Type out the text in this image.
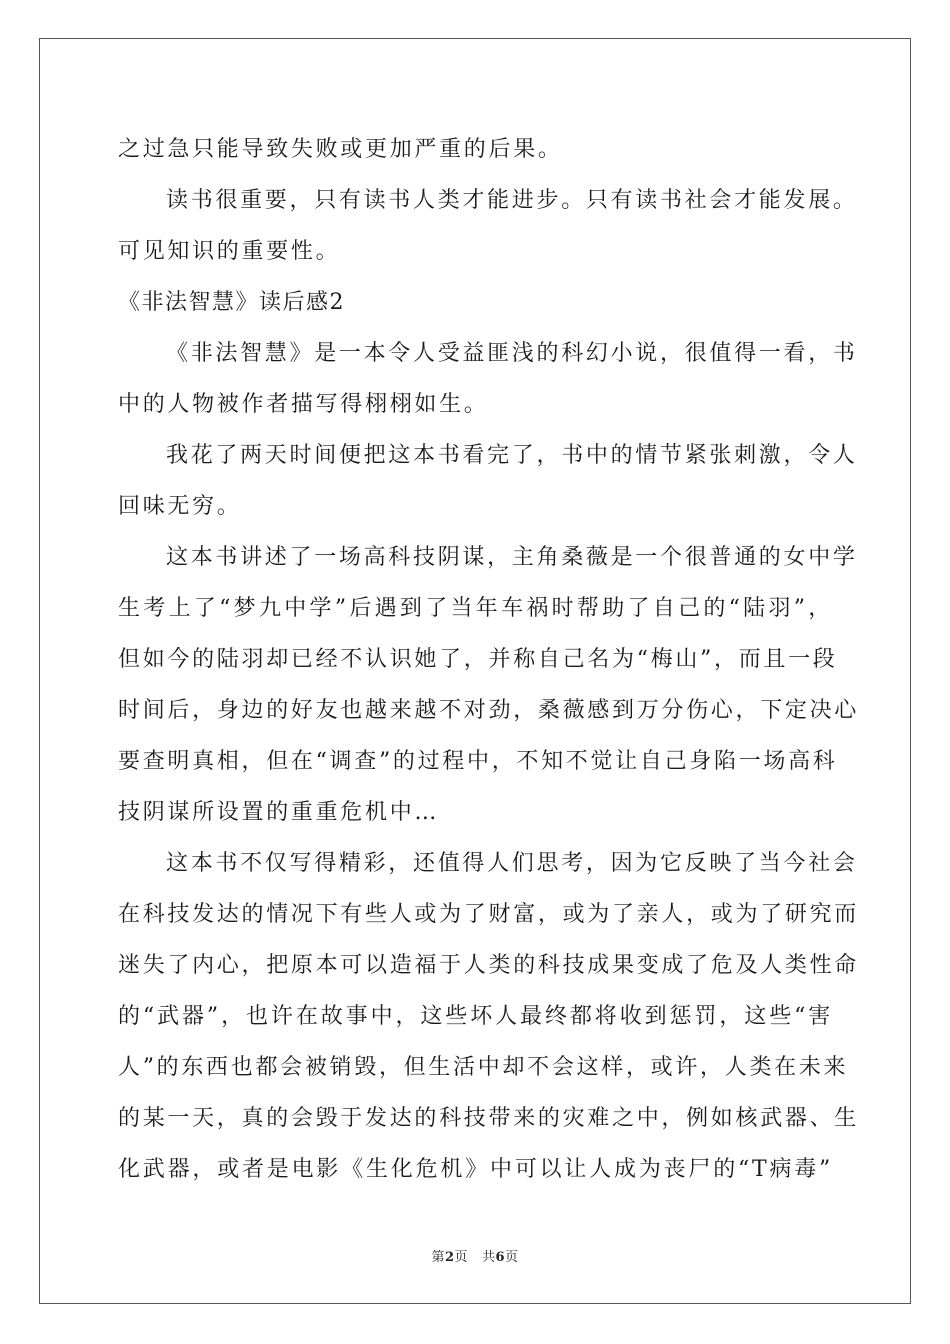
之过急只能导致失败或更加严重的后果。
读书很重要，只有读书人类才能进步。只有读书社会才能发展。
可见知识的重要性。
《非法智慧》读后感2
《非法智慧》是一本令人受益匪浅的科幻小说，很值得一看，书
中的人物被作者描写得栩栩如生。
我花了两天时间便把这本书看完了，书中的情节紧张刺激，令人
回味无穷。
这本书讲述了一场高科技阴谋，主角桑薇是一个很普通的女中学
生考上了“梦九中学”后遇到了当年车祸时帮助了自己的“陆羽”，
但如今的陆羽却已经不认识她了，并称自己名为“梅山”，而且一段
时间后，身边的好友也越来越不对劲，桑薇感到万分伤心，下定决心
要查明真相，但在“调查”的过程中，不知不觉让自己身陷一场高科
技阴谋所设置的重重危机中…
这本书不仅写得精彩，还值得人们思考，因为它反映了当今社会
在科技发达的情况下有些人或为了财富，或为了亲人，或为了研究而
迷失了内心，把原本可以造福于人类的科技成果变成了危及人类性命
的“武器”，也许在故事中，这些坏人最终都将收到惩罚，这些“害
人”的东西也都会被销毁，但生活中却不会这样，或许，人类在未来
的某一天，真的会毁于发达的科技带来的灾难之中，例如核武器、生
化武器，或者是电影《生化危机》中可以让人成为丧尸的“T病毒”
第2页 共6页
